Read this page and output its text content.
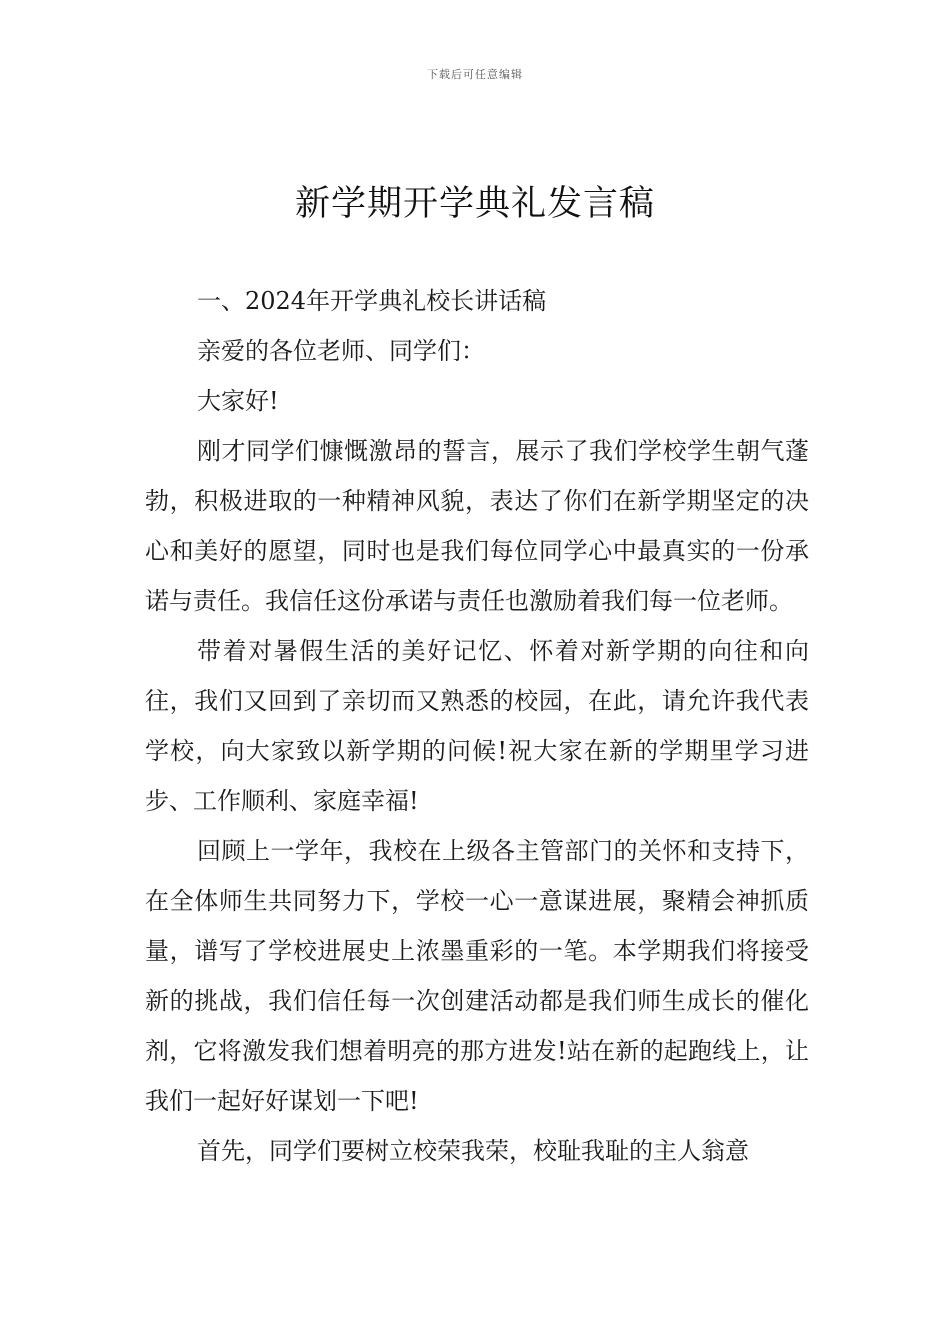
下载后可任意编辑
新学期开学典礼发言稿

一、2024年开学典礼校长讲话稿

亲爱的各位老师、同学们：

大家好!

刚才同学们慷慨激昂的誓言，展示了我们学校学生朝气蓬勃，积极进取的一种精神风貌，表达了你们在新学期坚定的决心和美好的愿望，同时也是我们每位同学心中最真实的一份承诺与责任。我信任这份承诺与责任也激励着我们每一位老师。

带着对暑假生活的美好记忆、怀着对新学期的向往和向往，我们又回到了亲切而又熟悉的校园，在此，请允许我代表学校，向大家致以新学期的问候!祝大家在新的学期里学习进步、工作顺利、家庭幸福!

回顾上一学年，我校在上级各主管部门的关怀和支持下，在全体师生共同努力下，学校一心一意谋进展，聚精会神抓质量，谱写了学校进展史上浓墨重彩的一笔。本学期我们将接受新的挑战，我们信任每一次创建活动都是我们师生成长的催化剂，它将激发我们想着明亮的那方进发!站在新的起跑线上，让我们一起好好谋划一下吧!

首先，同学们要树立校荣我荣，校耻我耻的主人翁意
